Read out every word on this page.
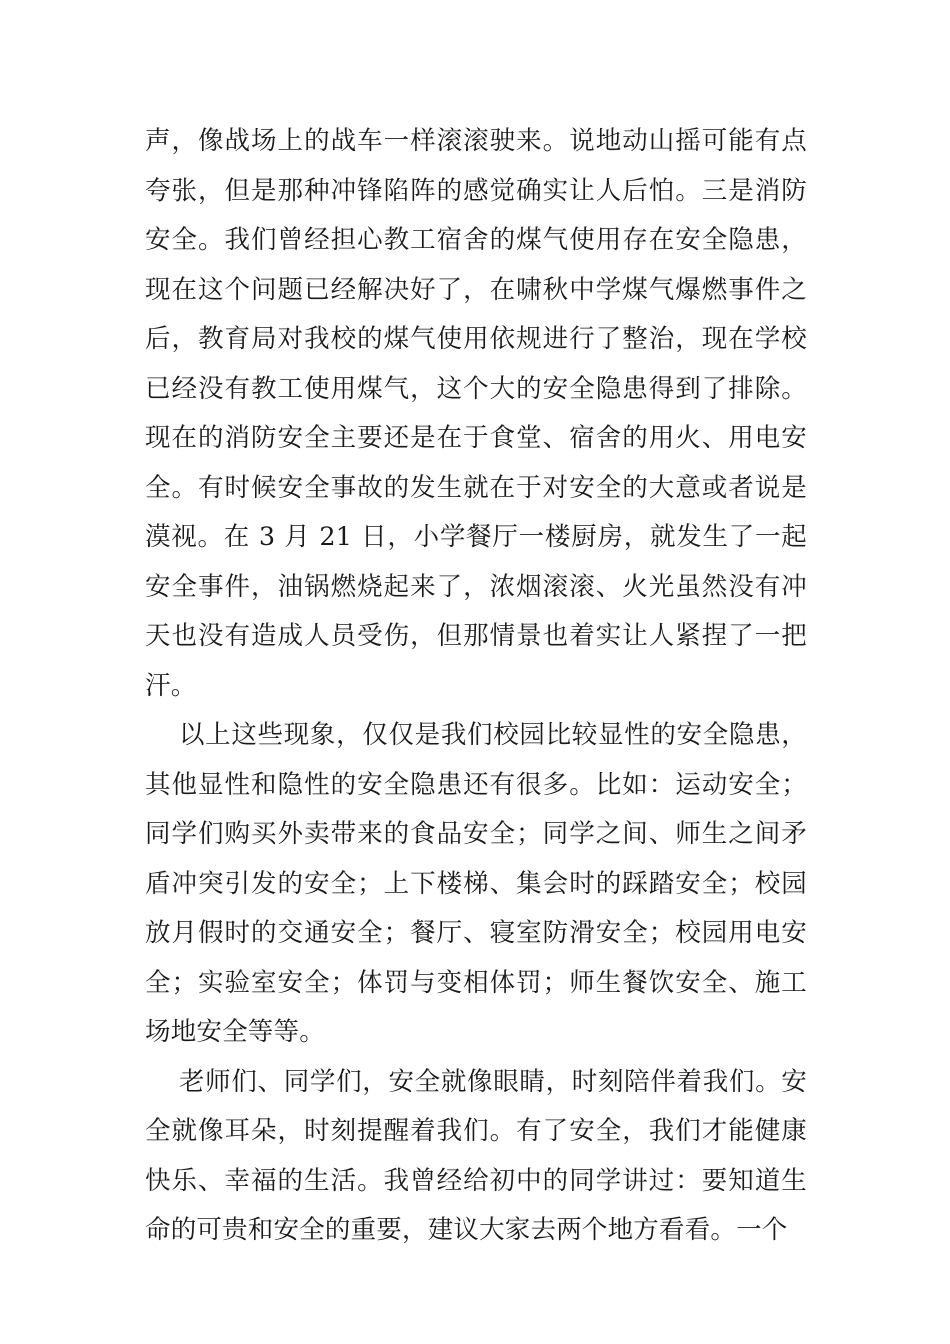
声，像战场上的战车一样滚滚驶来。说地动山摇可能有点夸张，但是那种冲锋陷阵的感觉确实让人后怕。三是消防安全。我们曾经担心教工宿舍的煤气使用存在安全隐患，现在这个问题已经解决好了，在啸秋中学煤气爆燃事件之后，教育局对我校的煤气使用依规进行了整治，现在学校已经没有教工使用煤气，这个大的安全隐患得到了排除。现在的消防安全主要还是在于食堂、宿舍的用火、用电安全。有时候安全事故的发生就在于对安全的大意或者说是漠视。在 3 月 21 日，小学餐厅一楼厨房，就发生了一起安全事件，油锅燃烧起来了，浓烟滚滚、火光虽然没有冲天也没有造成人员受伤，但那情景也着实让人紧捏了一把汗。

以上这些现象，仅仅是我们校园比较显性的安全隐患，其他显性和隐性的安全隐患还有很多。比如：运动安全；同学们购买外卖带来的食品安全；同学之间、师生之间矛盾冲突引发的安全；上下楼梯、集会时的踩踏安全；校园放月假时的交通安全；餐厅、寝室防滑安全；校园用电安全；实验室安全；体罚与变相体罚；师生餐饮安全、施工场地安全等等。

老师们、同学们，安全就像眼睛，时刻陪伴着我们。安全就像耳朵，时刻提醒着我们。有了安全，我们才能健康快乐、幸福的生活。我曾经给初中的同学讲过：要知道生命的可贵和安全的重要，建议大家去两个地方看看。一个
